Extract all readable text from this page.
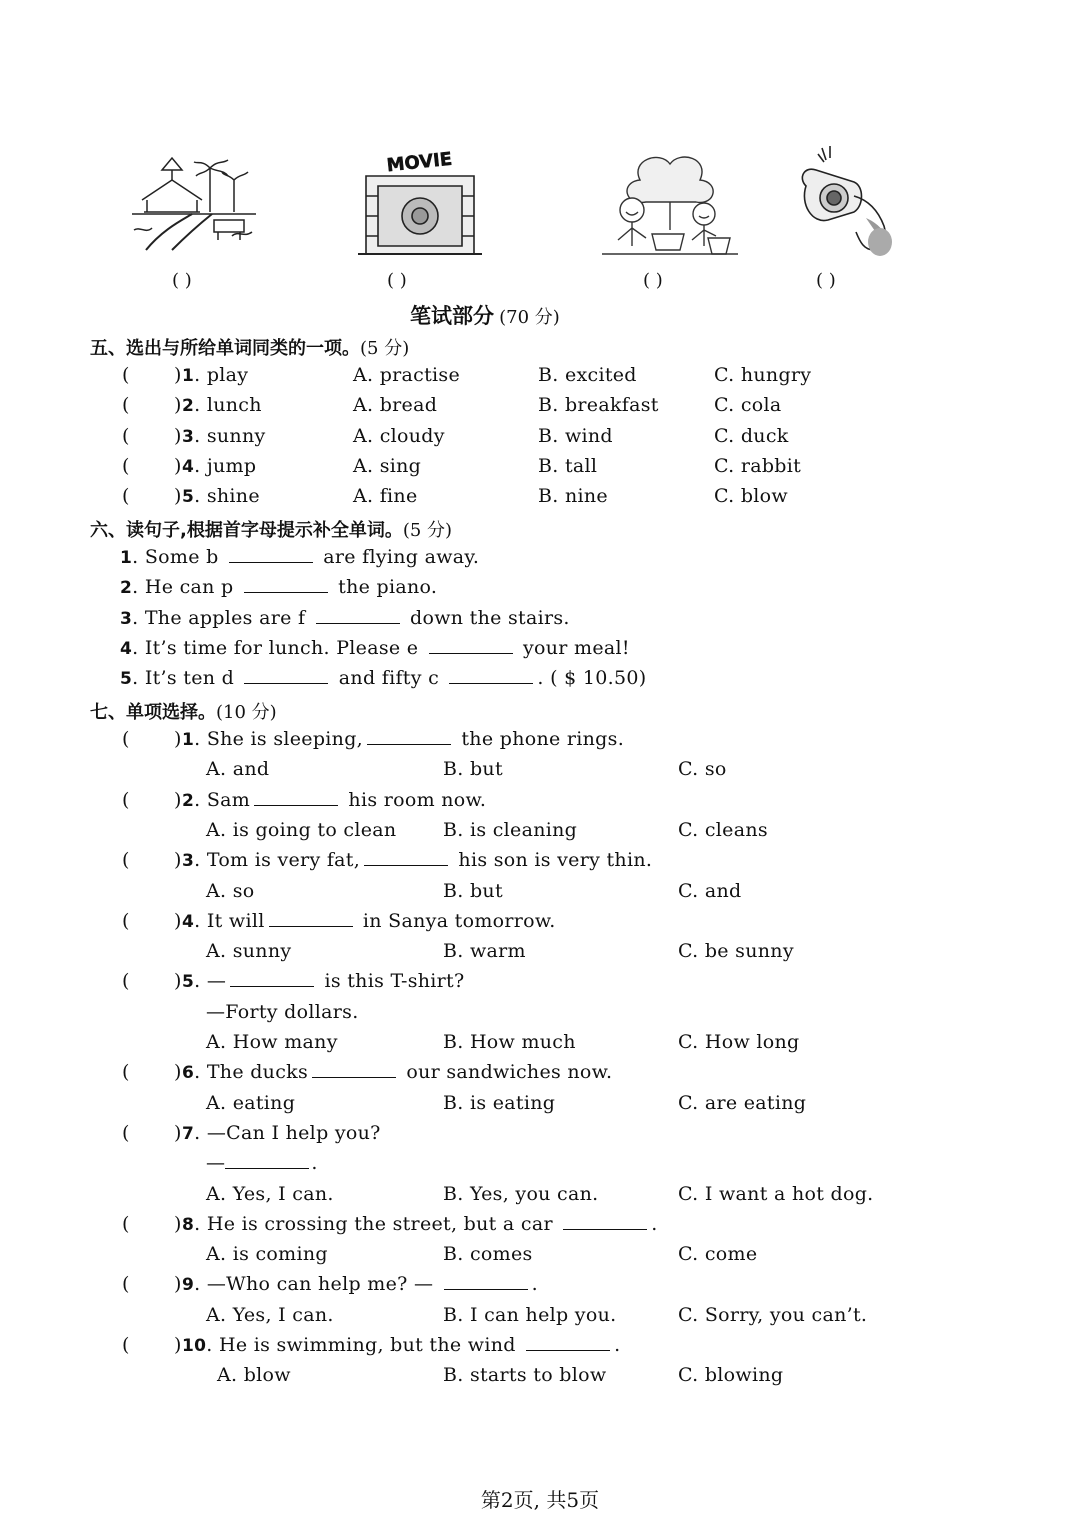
( )
MOVIE
( )	( )	( )
笔试部分 (70 分)
五、选出与所给单词同类的一项。(5 分)
( ) 1. play	A. practise	B. excited	C. hungry
( ) 2. lunch	A. bread	B. breakfast	C. cola
( ) 3. sunny	A. cloudy	B. wind	C. duck
( ) 4. jump	A. sing	B. tall	C. rabbit
( ) 5. shine	A. fine	B. nine	C. blow
六、读句子,根据首字母提示补全单词。(5 分)
1. Some b	are flying away.
2. He can p	the piano.
3. The apples are f	down the stairs.
4. It’s time for lunch. Please e	your meal!
5. It’s ten d	and fifty c	. ( $ 10.50)
七、单项选择。(10 分)
( ) 1. She is sleeping,	the phone rings.
A. and	B. but	C. so
( ) 2. Sam	his room now.
A. is going to clean B. is cleaning	C. cleans
( ) 3. Tom is very fat,	his son is very thin.
A. so	B. but	C. and
( ) 4. It will	in Sanya tomorrow.
A. sunny	B. warm	C. be sunny
( ) 5. —	is this T-shirt?
—Forty dollars.
A. How many	B. How much	C. How long
( ) 6. The ducks	our sandwiches now.
A. eating	B. is eating	C. are eating
( ) 7. —Can I help you?
—	.
A. Yes, I can.	B. Yes, you can.	C. I want a hot dog.
( ) 8. He is crossing the street, but a car	.
A. is coming	B. comes	C. come
( ) 9. —Who can help me? —	.
A. Yes, I can.	B. I can help you.	C. Sorry, you can’t.
( ) 10. He is swimming, but the wind	.
A. blow	B. starts to blow	C. blowing
第2页, 共5页
